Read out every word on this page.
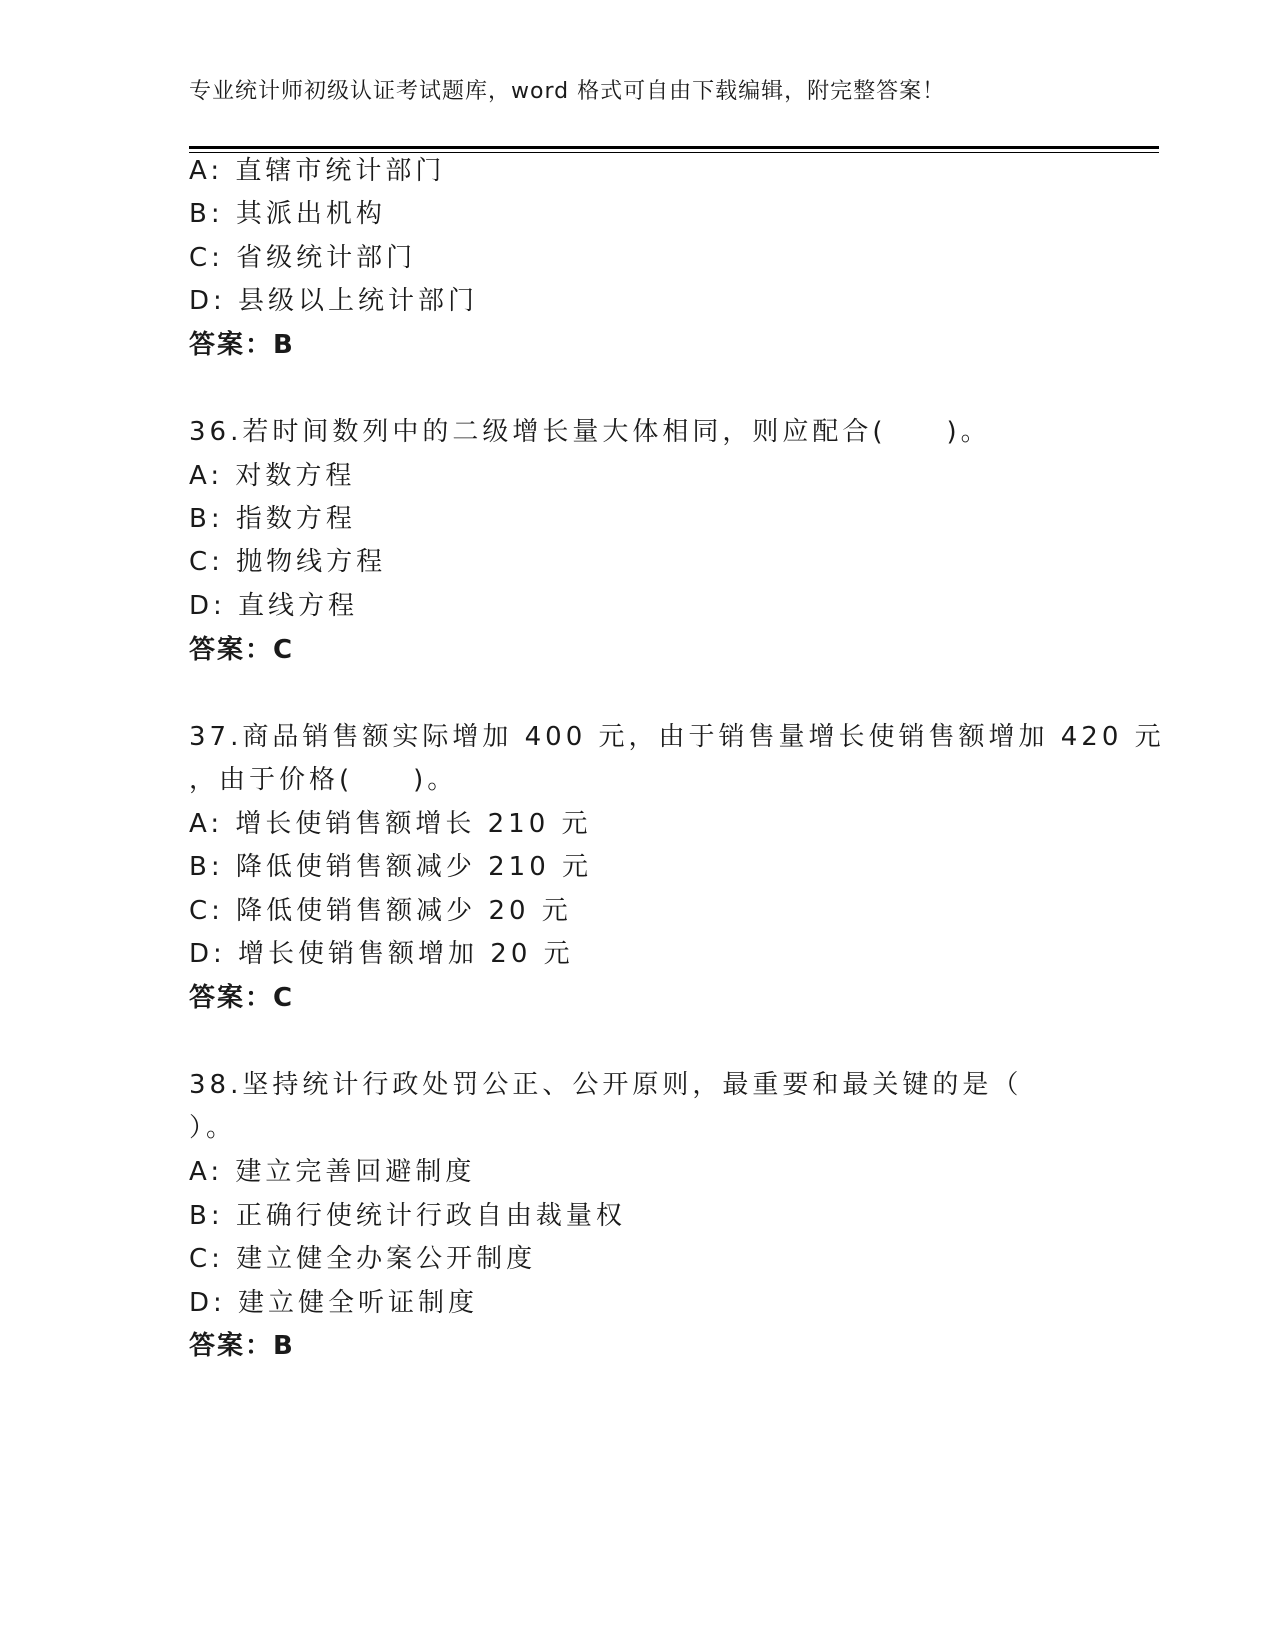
专业统计师初级认证考试题库，word 格式可自由下载编辑，附完整答案！
A: 直辖市统计部门
B: 其派出机构
C: 省级统计部门
D: 县级以上统计部门
答案：B
36.若时间数列中的二级增长量大体相同，则应配合(　　)。
A: 对数方程
B: 指数方程
C: 抛物线方程
D: 直线方程
答案：C
37.商品销售额实际增加 400 元，由于销售量增长使销售额增加 420 元
，由于价格(　　)。
A: 增长使销售额增长 210 元
B: 降低使销售额减少 210 元
C: 降低使销售额减少 20 元
D: 增长使销售额增加 20 元
答案：C
38.坚持统计行政处罚公正、公开原则，最重要和最关键的是（
）。
A: 建立完善回避制度
B: 正确行使统计行政自由裁量权
C: 建立健全办案公开制度
D: 建立健全听证制度
答案：B
